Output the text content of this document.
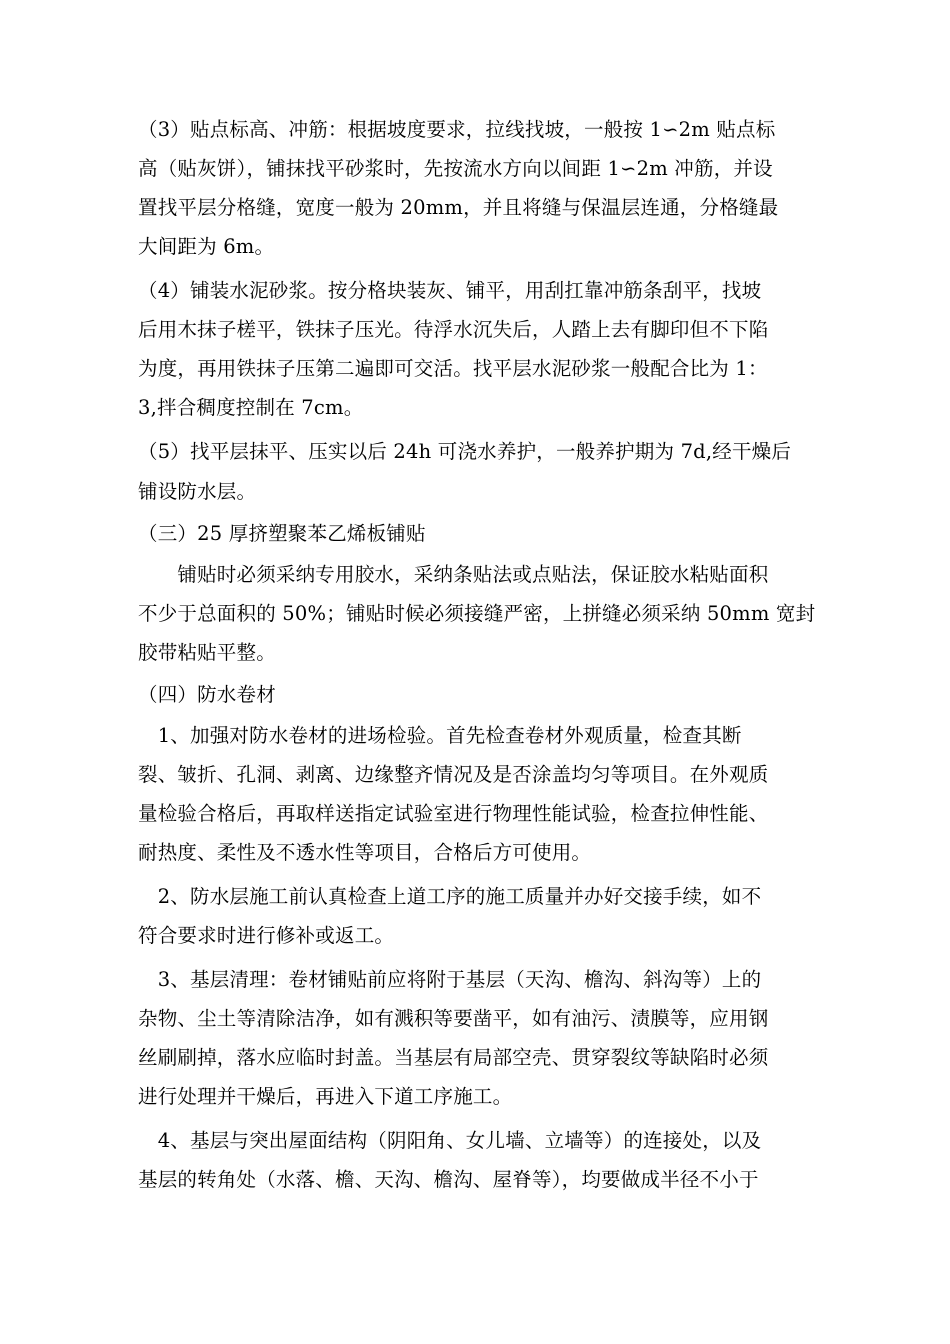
（3）贴点标高、冲筋：根据坡度要求，拉线找坡，一般按 1∽2m 贴点标
高（贴灰饼），铺抹找平砂浆时，先按流水方向以间距 1∽2m 冲筋，并设
置找平层分格缝，宽度一般为 20mm，并且将缝与保温层连通，分格缝最
大间距为 6m。
（4）铺装水泥砂浆。按分格块装灰、铺平，用刮扛靠冲筋条刮平，找坡
后用木抹子槎平，铁抹子压光。待浮水沉失后，人踏上去有脚印但不下陷
为度，再用铁抹子压第二遍即可交活。找平层水泥砂浆一般配合比为 1：
3,拌合稠度控制在 7cm。
（5）找平层抹平、压实以后 24h 可浇水养护，一般养护期为 7d,经干燥后
铺设防水层。
（三）25 厚挤塑聚苯乙烯板铺贴
　　铺贴时必须采纳专用胶水，采纳条贴法或点贴法，保证胶水粘贴面积
不少于总面积的 50%；铺贴时候必须接缝严密，上拼缝必须采纳 50mm 宽封
胶带粘贴平整。
（四）防水卷材
　1、加强对防水卷材的进场检验。首先检查卷材外观质量，检查其断
裂、皱折、孔洞、剥离、边缘整齐情况及是否涂盖均匀等项目。在外观质
量检验合格后，再取样送指定试验室进行物理性能试验，检查拉伸性能、
耐热度、柔性及不透水性等项目，合格后方可使用。
　2、防水层施工前认真检查上道工序的施工质量并办好交接手续，如不
符合要求时进行修补或返工。
　3、基层清理：卷材铺贴前应将附于基层（天沟、檐沟、斜沟等）上的
杂物、尘土等清除洁净，如有溅积等要凿平，如有油污、渍膜等，应用钢
丝刷刷掉，落水应临时封盖。当基层有局部空壳、贯穿裂纹等缺陷时必须
进行处理并干燥后，再进入下道工序施工。
　4、基层与突出屋面结构（阴阳角、女儿墙、立墙等）的连接处，以及
基层的转角处（水落、檐、天沟、檐沟、屋脊等），均要做成半径不小于
